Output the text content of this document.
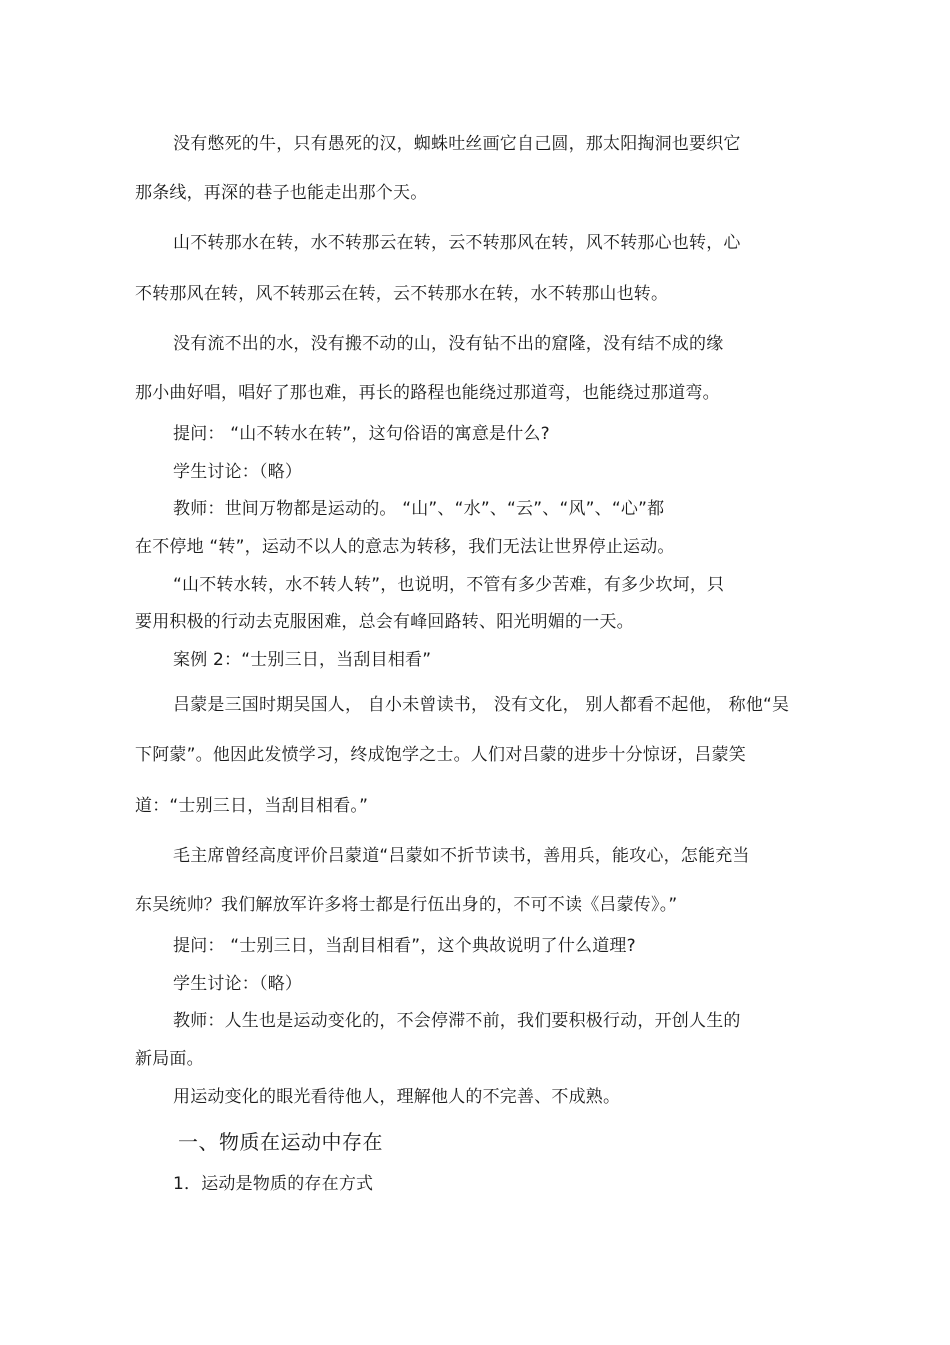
没有憋死的牛，只有愚死的汉，蜘蛛吐丝画它自己圆，那太阳掏洞也要织它
那条线，再深的巷子也能走出那个天。
山不转那水在转，水不转那云在转，云不转那风在转，风不转那心也转，心
不转那风在转，风不转那云在转，云不转那水在转，水不转那山也转。
没有流不出的水，没有搬不动的山，没有钻不出的窟隆，没有结不成的缘
那小曲好唱，唱好了那也难，再长的路程也能绕过那道弯，也能绕过那道弯。
提问： “山不转水在转”，这句俗语的寓意是什么?
学生讨论：（略）
教师：世间万物都是运动的。 “山”、“水”、“云”、“风”、“心”都
在不停地 “转”，运动不以人的意志为转移，我们无法让世界停止运动。
“山不转水转，水不转人转”，也说明，不管有多少苦难，有多少坎坷，只
要用积极的行动去克服困难，总会有峰回路转、阳光明媚的一天。
案例 2：“士别三日，当刮目相看”
吕蒙是三国时期吴国人， 自小未曾读书， 没有文化， 别人都看不起他， 称他“吴
下阿蒙”。他因此发愤学习，终成饱学之士。人们对吕蒙的进步十分惊讶，吕蒙笑
道：“士别三日，当刮目相看。”
毛主席曾经高度评价吕蒙道“吕蒙如不折节读书，善用兵，能攻心，怎能充当
东吴统帅？我们解放军许多将士都是行伍出身的，不可不读《吕蒙传》。”
提问： “士别三日，当刮目相看”，这个典故说明了什么道理?
学生讨论：（略）
教师：人生也是运动变化的，不会停滞不前，我们要积极行动，开创人生的
新局面。
用运动变化的眼光看待他人，理解他人的不完善、不成熟。
一、物质在运动中存在
1．运动是物质的存在方式
